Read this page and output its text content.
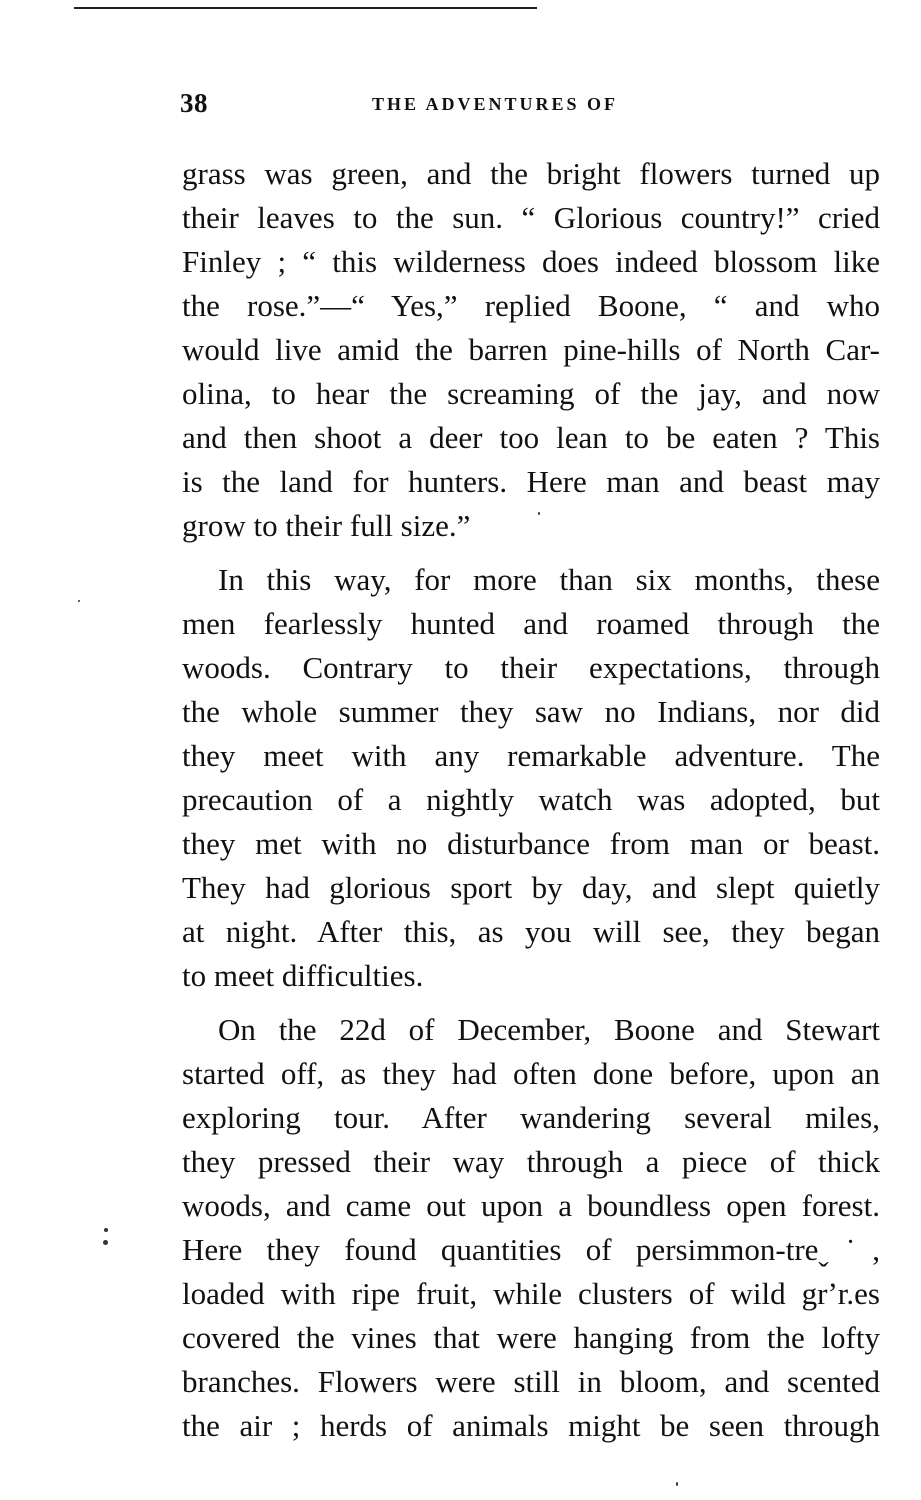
38	THE ADVENTURES OF
grass was green, and the bright flowers turned up
their leaves to the sun. “ Glorious country!” cried
Finley ; “ this wilderness does indeed blossom like
the rose.”—“ Yes,” replied Boone, “ and who
would live amid the barren pine-hills of North Car-
olina, to hear the screaming of the jay, and now
and then shoot a deer too lean to be eaten ? This
is the land for hunters. Here man and beast may
grow to their full size.”
In this way, for more than six months, these
men fearlessly hunted and roamed through the
woods. Contrary to their expectations, through
the whole summer they saw no Indians, nor did
they meet with any remarkable adventure. The
precaution of a nightly watch was adopted, but
they met with no disturbance from man or beast.
They had glorious sport by day, and slept quietly
at night. After this, as you will see, they began
to meet difficulties.
On the 22d of December, Boone and Stewart
started off, as they had often done before, upon an
exploring tour. After wandering several miles,
they pressed their way through a piece of thick
woods, and came out upon a boundless open forest.
Here they found quantities of persimmon-treˬ˙,
loaded with ripe fruit, while clusters of wild grʼr.es
covered the vines that were hanging from the lofty
branches. Flowers were still in bloom, and scented
the air ; herds of animals might be seen through
